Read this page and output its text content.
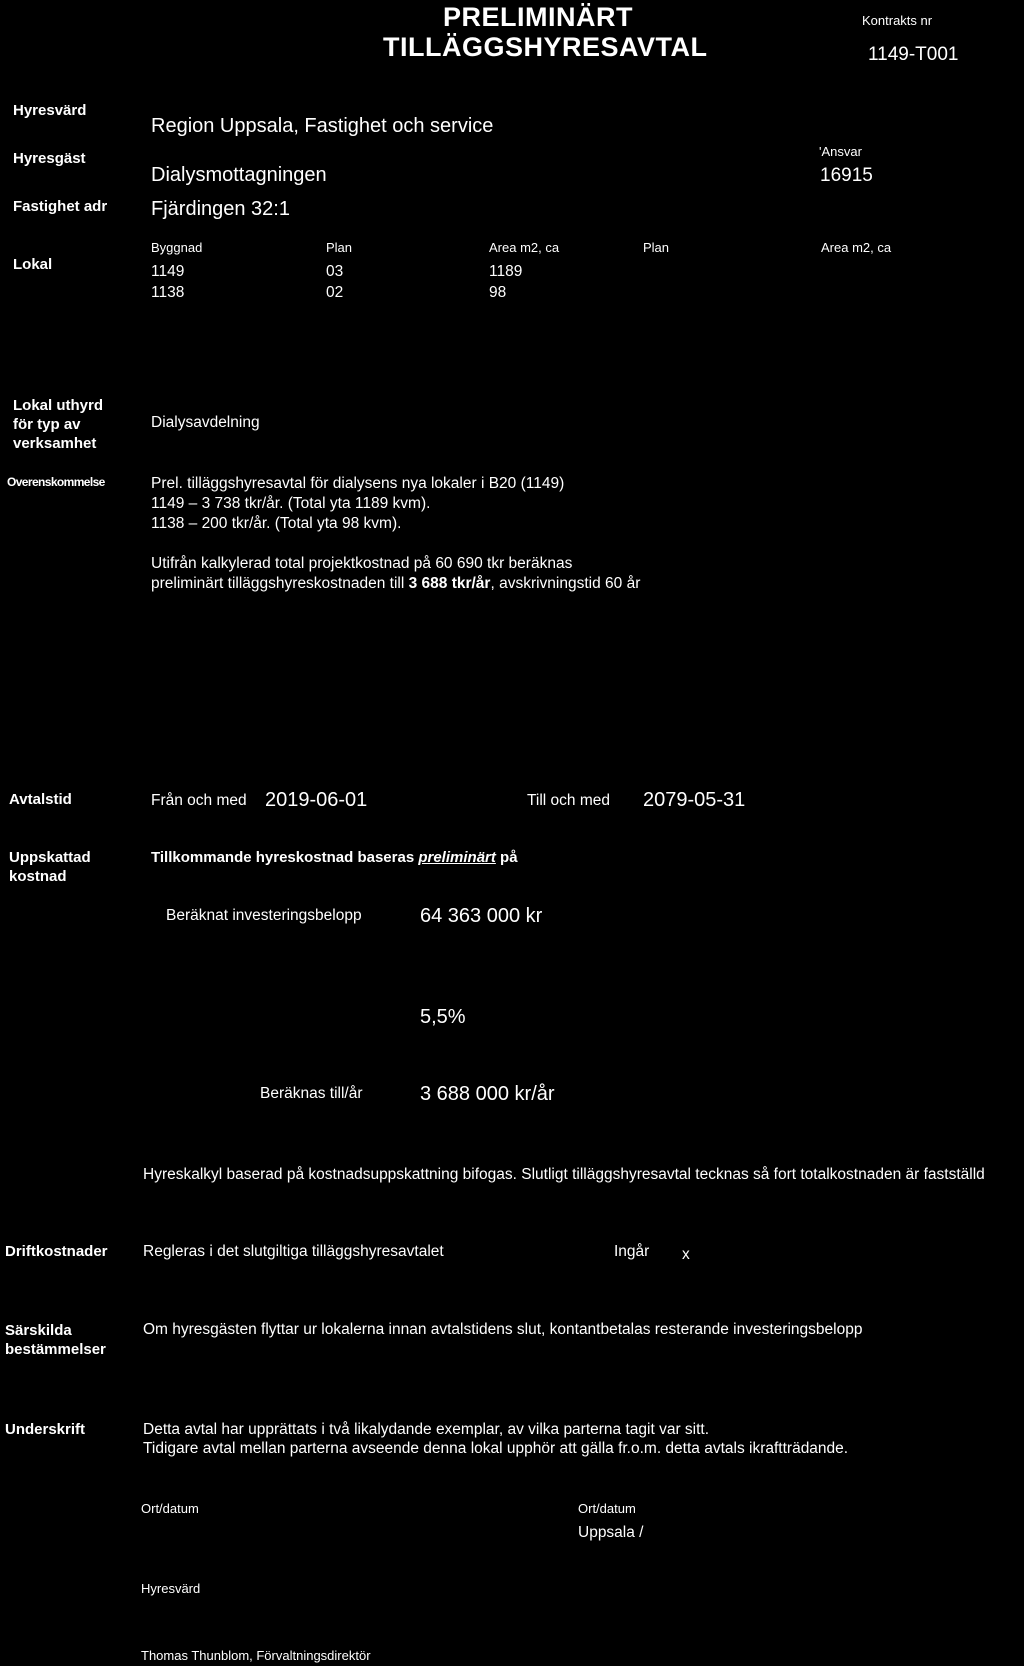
PRELIMINÄRT
TILLÄGGSHYRESAVTAL
Kontrakts nr
1149-T001
Hyresvärd
Region Uppsala, Fastighet och service
Hyresgäst
Dialysmottagningen
'Ansvar
16915
Fastighet adr Fjärdingen 32:1
Lokal
Byggnad	Plan	Area m2, ca	Plan	Area m2, ca
1149	03	1189
1138	02	98
Lokal uthyrd för typ av verksamhet
Dialysavdelning
Overenskommelse	Prel. tilläggshyresavtal för dialysens nya lokaler i B20 (1149)
1149 – 3 738 tkr/år. (Total yta 1189 kvm).
1138 – 200 tkr/år. (Total yta 98 kvm).
Utifrån kalkylerad total projektkostnad på 60 690 tkr beräknas
preliminärt tilläggshyreskostnaden till 3 688 tkr/år, avskrivningstid 60 år
Avtalstid	Från och med 2019-06-01	Till och med 2079-05-31
Uppskattad kostnad
Tillkommande hyreskostnad baseras preliminärt på
Beräknat investeringsbelopp	64 363 000 kr
5,5%
Beräknas till/år	3 688 000 kr/år
Hyreskalkyl baserad på kostnadsuppskattning bifogas. Slutligt tilläggshyresavtal tecknas så fort totalkostnaden är fastställd
Driftkostnader Regleras i det slutgiltiga tilläggshyresavtalet	Ingår x
Särskilda bestämmelser
Om hyresgästen flyttar ur lokalerna innan avtalstidens slut, kontantbetalas resterande investeringsbelopp
Underskrift	Detta avtal har upprättats i två likalydande exemplar, av vilka parterna tagit var sitt.
Tidigare avtal mellan parterna avseende denna lokal upphör att gälla fr.o.m. detta avtals ikraftträdande.
Ort/datum	Ort/datum
Uppsala /
Hyresvärd
Thomas Thunblom, Förvaltningsdirektör
